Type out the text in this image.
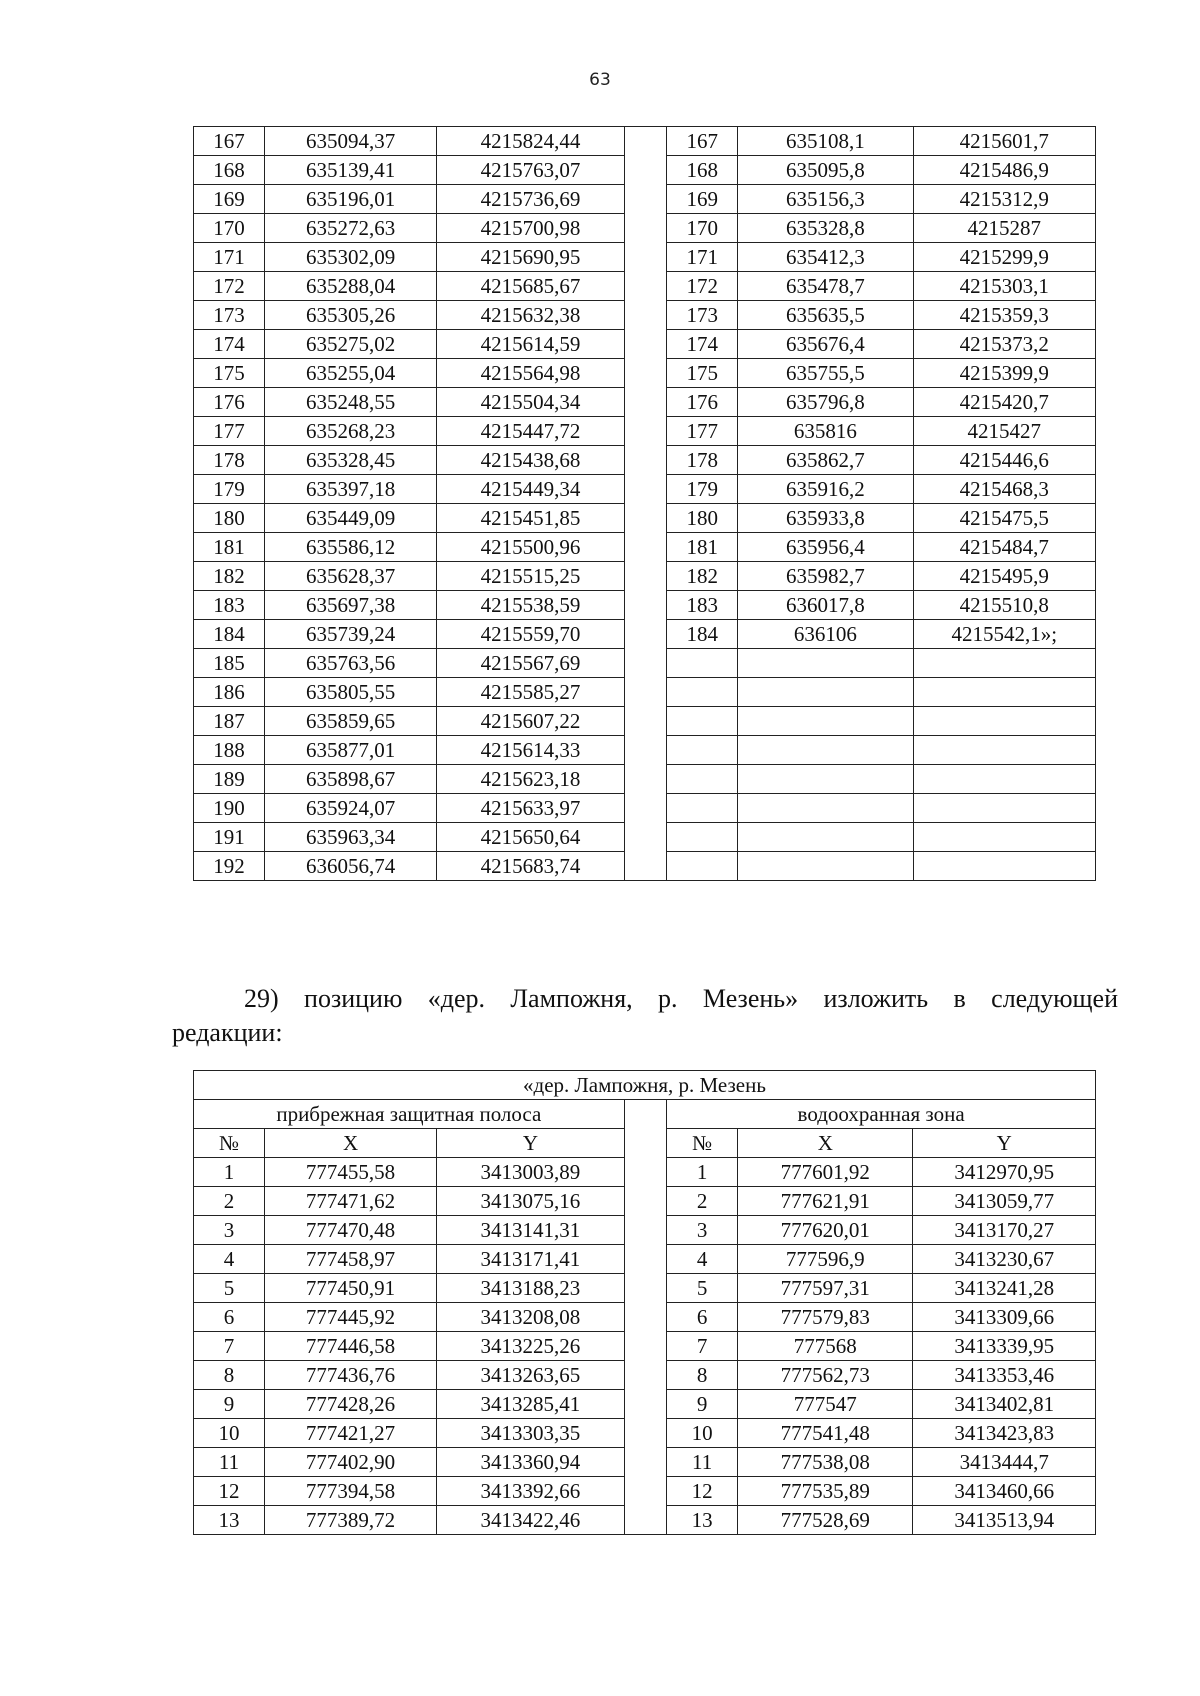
63
167	635094,37	4215824,44		167	635108,1	4215601,7
168	635139,41	4215763,07		168	635095,8	4215486,9
169	635196,01	4215736,69		169	635156,3	4215312,9
170	635272,63	4215700,98		170	635328,8	4215287
171	635302,09	4215690,95		171	635412,3	4215299,9
172	635288,04	4215685,67		172	635478,7	4215303,1
173	635305,26	4215632,38		173	635635,5	4215359,3
174	635275,02	4215614,59		174	635676,4	4215373,2
175	635255,04	4215564,98		175	635755,5	4215399,9
176	635248,55	4215504,34		176	635796,8	4215420,7
177	635268,23	4215447,72		177	635816	4215427
178	635328,45	4215438,68		178	635862,7	4215446,6
179	635397,18	4215449,34		179	635916,2	4215468,3
180	635449,09	4215451,85		180	635933,8	4215475,5
181	635586,12	4215500,96		181	635956,4	4215484,7
182	635628,37	4215515,25		182	635982,7	4215495,9
183	635697,38	4215538,59		183	636017,8	4215510,8
184	635739,24	4215559,70		184	636106	4215542,1»;
185	635763,56	4215567,69				
186	635805,55	4215585,27				
187	635859,65	4215607,22				
188	635877,01	4215614,33				
189	635898,67	4215623,18				
190	635924,07	4215633,97				
191	635963,34	4215650,64				
192	636056,74	4215683,74				
29) позицию «дер. Лампожня, р. Мезень» изложить в следующей
редакции:
«дер. Лампожня, р. Мезень						
прибрежная защитная полоса				водоохранная зона		
№	X	Y		№	X	Y
1	777455,58	3413003,89		1	777601,92	3412970,95
2	777471,62	3413075,16		2	777621,91	3413059,77
3	777470,48	3413141,31		3	777620,01	3413170,27
4	777458,97	3413171,41		4	777596,9	3413230,67
5	777450,91	3413188,23		5	777597,31	3413241,28
6	777445,92	3413208,08		6	777579,83	3413309,66
7	777446,58	3413225,26		7	777568	3413339,95
8	777436,76	3413263,65		8	777562,73	3413353,46
9	777428,26	3413285,41		9	777547	3413402,81
10	777421,27	3413303,35		10	777541,48	3413423,83
11	777402,90	3413360,94		11	777538,08	3413444,7
12	777394,58	3413392,66		12	777535,89	3413460,66
13	777389,72	3413422,46		13	777528,69	3413513,94
